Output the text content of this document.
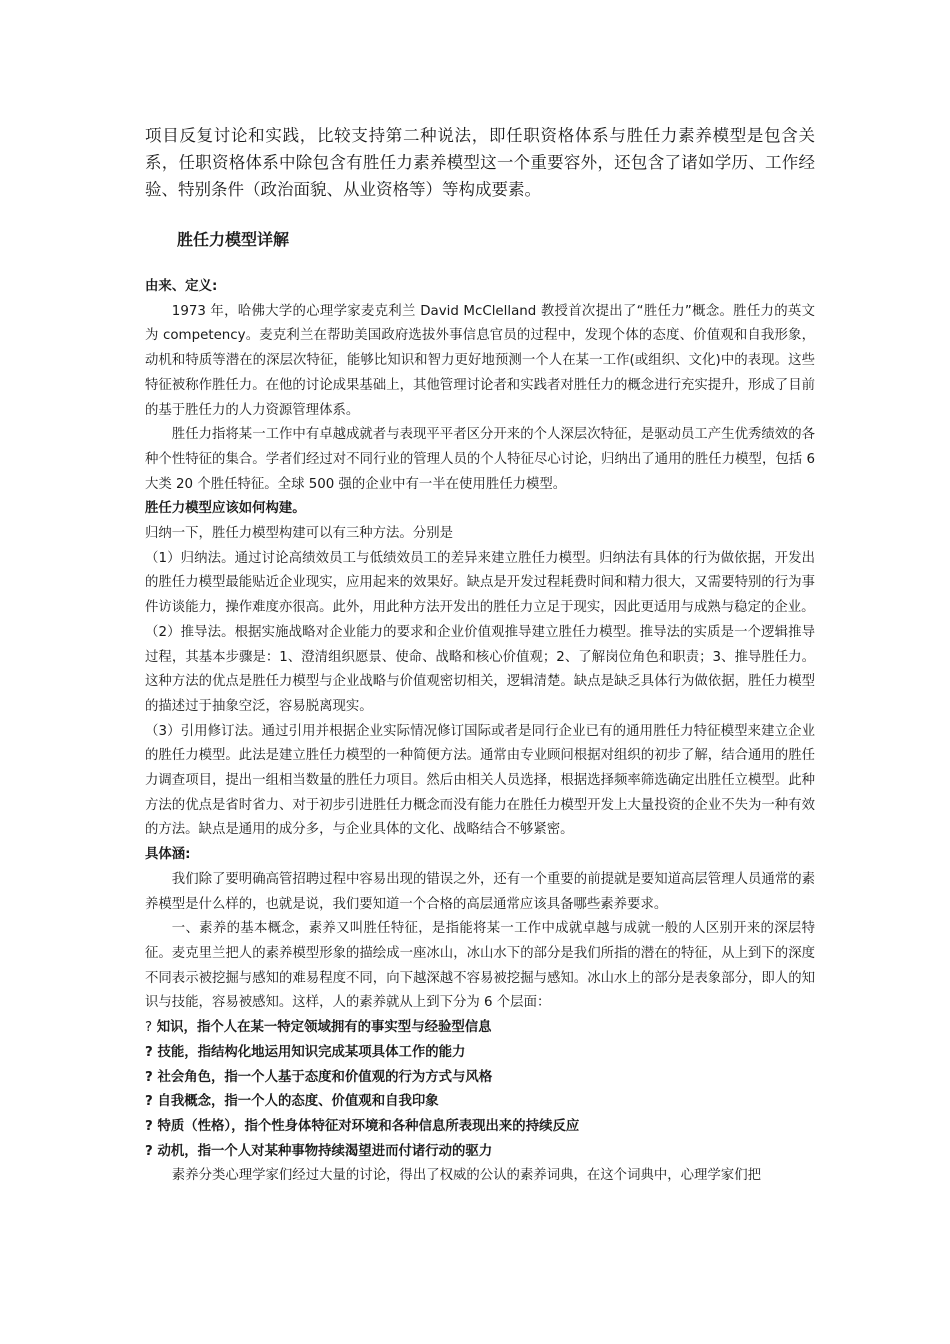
项目反复讨论和实践，比较支持第二种说法，即任职资格体系与胜任力素养模型是包含关系，任职资格体系中除包含有胜任力素养模型这一个重要容外，还包含了诸如学历、工作经验、特别条件（政治面貌、从业资格等）等构成要素。

胜任力模型详解

由来、定义:

1973 年，哈佛大学的心理学家麦克利兰 David McClelland 教授首次提出了“胜任力”概念。胜任力的英文为 competency。麦克利兰在帮助美国政府选拔外事信息官员的过程中，发现个体的态度、价值观和自我形象，动机和特质等潜在的深层次特征，能够比知识和智力更好地预测一个人在某一工作(或组织、文化)中的表现。这些特征被称作胜任力。在他的讨论成果基础上，其他管理讨论者和实践者对胜任力的概念进行充实提升，形成了目前的基于胜任力的人力资源管理体系。

胜任力指将某一工作中有卓越成就者与表现平平者区分开来的个人深层次特征，是驱动员工产生优秀绩效的各种个性特征的集合。学者们经过对不同行业的管理人员的个人特征尽心讨论，归纳出了通用的胜任力模型，包括 6 大类 20 个胜任特征。全球 500 强的企业中有一半在使用胜任力模型。

胜任力模型应该如何构建。

归纳一下，胜任力模型构建可以有三种方法。分别是

（1）归纳法。通过讨论高绩效员工与低绩效员工的差异来建立胜任力模型。归纳法有具体的行为做依据，开发出的胜任力模型最能贴近企业现实，应用起来的效果好。缺点是开发过程耗费时间和精力很大，又需要特别的行为事件访谈能力，操作难度亦很高。此外，用此种方法开发出的胜任力立足于现实，因此更适用与成熟与稳定的企业。

（2）推导法。根据实施战略对企业能力的要求和企业价值观推导建立胜任力模型。推导法的实质是一个逻辑推导过程，其基本步骤是：1、澄清组织愿景、使命、战略和核心价值观；2、了解岗位角色和职责；3、推导胜任力。这种方法的优点是胜任力模型与企业战略与价值观密切相关，逻辑清楚。缺点是缺乏具体行为做依据，胜任力模型的描述过于抽象空泛，容易脱离现实。

（3）引用修订法。通过引用并根据企业实际情况修订国际或者是同行企业已有的通用胜任力特征模型来建立企业的胜任力模型。此法是建立胜任力模型的一种简便方法。通常由专业顾问根据对组织的初步了解，结合通用的胜任力调查项目，提出一组相当数量的胜任力项目。然后由相关人员选择，根据选择频率筛选确定出胜任立模型。此种方法的优点是省时省力、对于初步引进胜任力概念而没有能力在胜任力模型开发上大量投资的企业不失为一种有效的方法。缺点是通用的成分多，与企业具体的文化、战略结合不够紧密。

具体涵:

我们除了要明确高管招聘过程中容易出现的错误之外，还有一个重要的前提就是要知道高层管理人员通常的素养模型是什么样的，也就是说，我们要知道一个合格的高层通常应该具备哪些素养要求。

一、素养的基本概念，素养又叫胜任特征，是指能将某一工作中成就卓越与成就一般的人区别开来的深层特征。麦克里兰把人的素养模型形象的描绘成一座冰山，冰山水下的部分是我们所指的潜在的特征，从上到下的深度不同表示被挖掘与感知的难易程度不同，向下越深越不容易被挖掘与感知。冰山水上的部分是表象部分，即人的知识与技能，容易被感知。这样，人的素养就从上到下分为 6 个层面：

? 知识，指个人在某一特定领域拥有的事实型与经验型信息

? 技能，指结构化地运用知识完成某项具体工作的能力

? 社会角色，指一个人基于态度和价值观的行为方式与风格

? 自我概念，指一个人的态度、价值观和自我印象

? 特质（性格），指个性身体特征对环境和各种信息所表现出来的持续反应

? 动机，指一个人对某种事物持续渴望进而付诸行动的驱力

素养分类心理学家们经过大量的讨论，得出了权威的公认的素养词典，在这个词典中，心理学家们把
